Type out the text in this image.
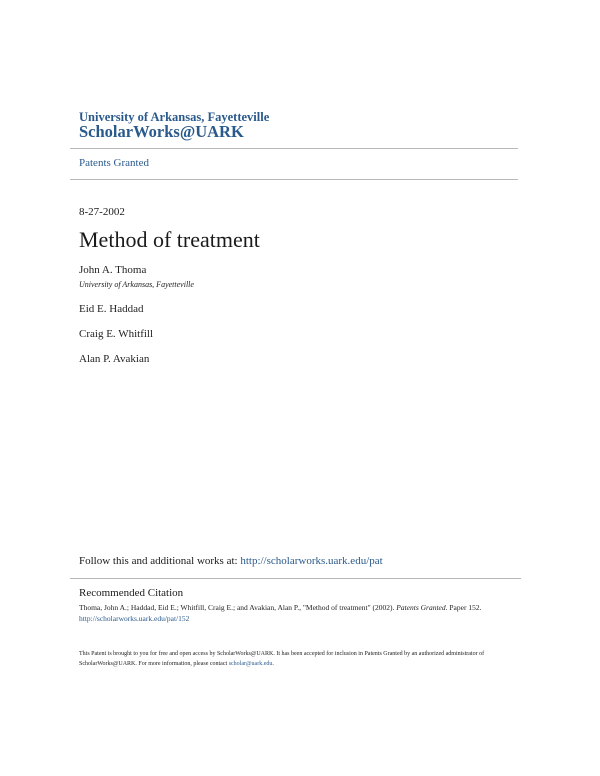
University of Arkansas, Fayetteville
ScholarWorks@UARK
Patents Granted
8-27-2002
Method of treatment
John A. Thoma
University of Arkansas, Fayetteville
Eid E. Haddad
Craig E. Whitfill
Alan P. Avakian
Follow this and additional works at: http://scholarworks.uark.edu/pat
Recommended Citation
Thoma, John A.; Haddad, Eid E.; Whitfill, Craig E.; and Avakian, Alan P., "Method of treatment" (2002). Patents Granted. Paper 152.
http://scholarworks.uark.edu/pat/152
This Patent is brought to you for free and open access by ScholarWorks@UARK. It has been accepted for inclusion in Patents Granted by an authorized administrator of ScholarWorks@UARK. For more information, please contact scholar@uark.edu.
